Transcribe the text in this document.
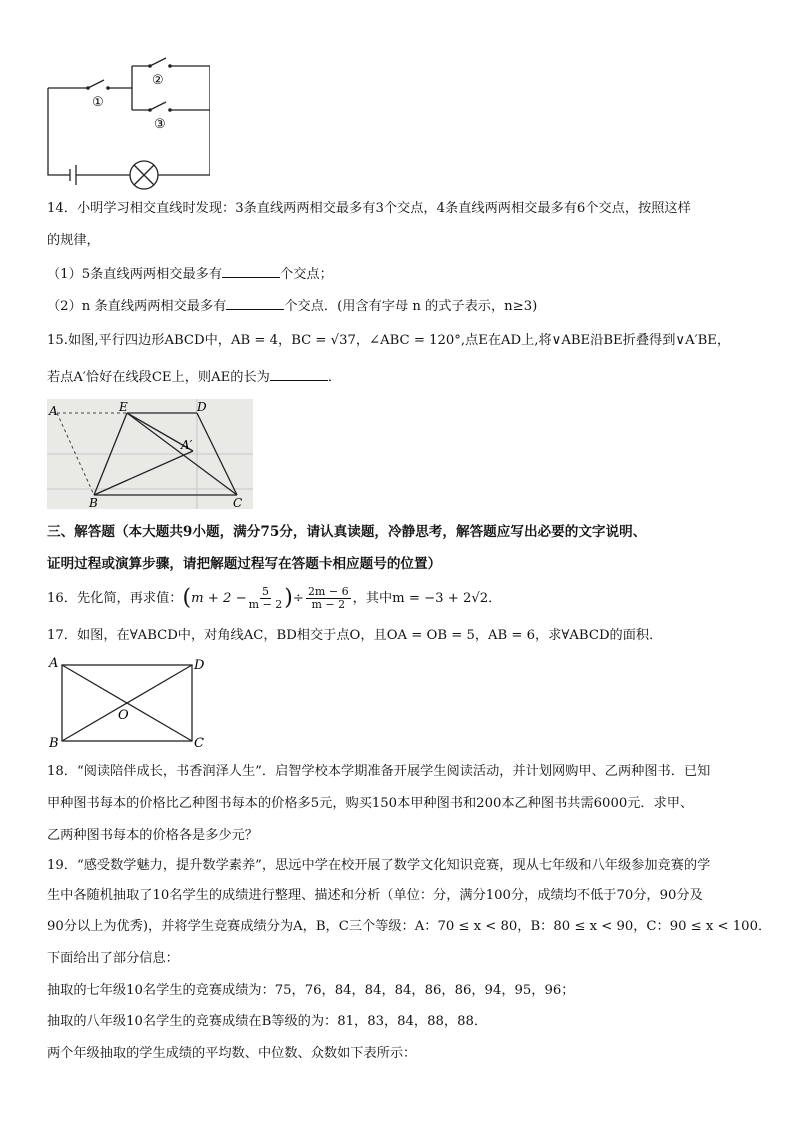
①
②
③
14．小明学习相交直线时发现：3条直线两两相交最多有3个交点，4条直线两两相交最多有6个交点，按照这样
的规律，
（1）5条直线两两相交最多有	个交点；
（2）n 条直线两两相交最多有	个交点．(用含有字母 n 的式子表示，n≥3)
15.如图,平行四边形ABCD中，AB = 4，BC = √37，∠ABC = 120°,点E在AD上,将∨ABE沿BE折叠得到∨A′BE，
若点A′恰好在线段CE上，则AE的长为	．
A	E	D
A′
B	C
三、解答题（本大题共9小题，满分75分，请认真读题，冷静思考，解答题应写出必要的文字说明、
证明过程或演算步骤，请把解题过程写在答题卡相应题号的位置）
16．先化简，再求值：($m + 2 - \frac{5}{m - 2}$ )÷ $\frac{2m - 6}{m - 2}$ ，其中m = −3 + 2√2．
17．如图，在∀ABCD中，对角线AC，BD相交于点O，且OA = OB = 5，AB = 6，求∀ABCD的面积．
A	D
O
B	C
18．“阅读陪伴成长，书香润泽人生”．启智学校本学期准备开展学生阅读活动，并计划网购甲、乙两种图书．已知
甲种图书每本的价格比乙种图书每本的价格多5元，购买150本甲种图书和200本乙种图书共需6000元．求甲、
乙两种图书每本的价格各是多少元？
19．“感受数学魅力，提升数学素养”，思远中学在校开展了数学文化知识竞赛，现从七年级和八年级参加竞赛的学
生中各随机抽取了10名学生的成绩进行整理、描述和分析（单位：分，满分100分，成绩均不低于70分，90分及
90分以上为优秀)，并将学生竞赛成绩分为A，B，C三个等级：A：70 ≤ x < 80，B：80 ≤ x < 90，C：90 ≤ x < 100．
下面给出了部分信息：
抽取的七年级10名学生的竞赛成绩为：75，76，84，84，84，86，86，94，95，96；
抽取的八年级10名学生的竞赛成绩在B等级的为：81，83，84，88，88．
两个年级抽取的学生成绩的平均数、中位数、众数如下表所示：
